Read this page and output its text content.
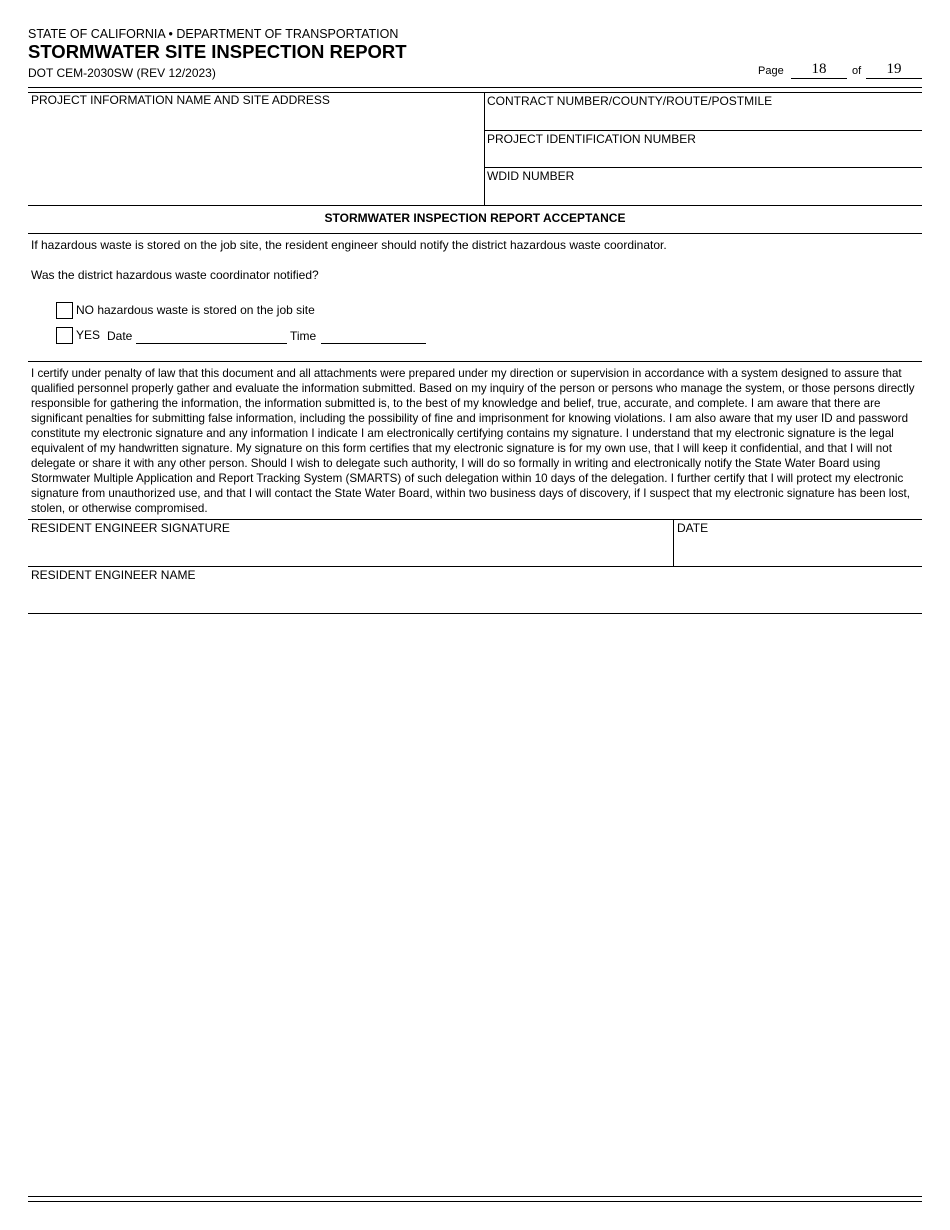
STATE OF CALIFORNIA • DEPARTMENT OF TRANSPORTATION
STORMWATER SITE INSPECTION REPORT
DOT CEM-2030SW (REV 12/2023)	Page	18	of	19
PROJECT INFORMATION NAME AND SITE ADDRESS	CONTRACT NUMBER/COUNTY/ROUTE/POSTMILE
PROJECT IDENTIFICATION NUMBER
WDID NUMBER
STORMWATER INSPECTION REPORT ACCEPTANCE
If hazardous waste is stored on the job site, the resident engineer should notify the district hazardous waste coordinator.
Was the district hazardous waste coordinator notified?
NO hazardous waste is stored on the job site
YES Date	Time
I certify under penalty of law that this document and all attachments were prepared under my direction or supervision in accordance with a system designed to assure that qualified personnel properly gather and evaluate the information submitted. Based on my inquiry of the person or persons who manage the system, or those persons directly responsible for gathering the information, the information submitted is, to the best of my knowledge and belief, true, accurate, and complete. I am aware that there are significant penalties for submitting false information, including the possibility of fine and imprisonment for knowing violations. I am also aware that my user ID and password constitute my electronic signature and any information I indicate I am electronically certifying contains my signature. I understand that my electronic signature is the legal equivalent of my handwritten signature. My signature on this form certifies that my electronic signature is for my own use, that I will keep it confidential, and that I will not delegate or share it with any other person. Should I wish to delegate such authority, I will do so formally in writing and electronically notify the State Water Board using Stormwater Multiple Application and Report Tracking System (SMARTS) of such delegation within 10 days of the delegation. I further certify that I will protect my electronic signature from unauthorized use, and that I will contact the State Water Board, within two business days of discovery, if I suspect that my electronic signature has been lost, stolen, or otherwise compromised.
RESIDENT ENGINEER SIGNATURE	DATE
RESIDENT ENGINEER NAME
